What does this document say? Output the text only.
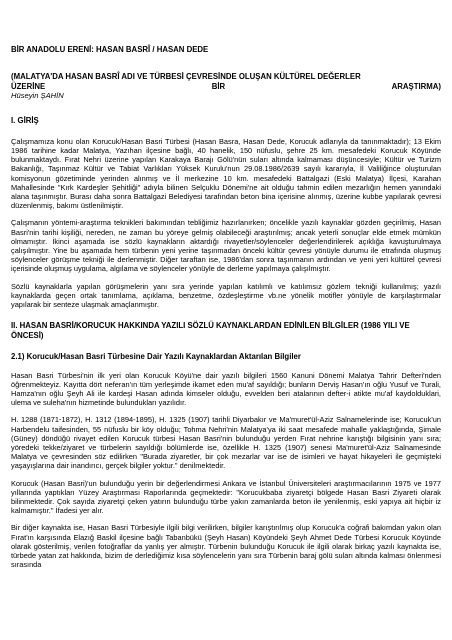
BİR ANADOLU ERENİ: HASAN BASRÎ / HASAN DEDE

(MALATYA'DA HASAN BASRÎ ADI VE TÜRBESİ ÇEVRESİNDE OLUŞAN KÜLTÜREL DEĞERLER

ÜZERİNE	BİR	ARAŞTIRMA)

Hüseyin ŞAHİN

I. GİRİŞ

Çalışmamıza konu olan Korucuk/Hasan Basri Türbesi (Hasan Basra, Hasan Dede, Korucuk adlarıyla da tanınmaktadır); 13 Ekim 1986 tarihine kadar Malatya, Yazıhan ilçesine bağlı, 40 hanelik, 150 nüfuslu, şehre 25 km. mesafedeki Korucuk Köyünde bulunmaktaydı. Fırat Nehri üzerine yapılan Karakaya Barajı Gölü'nün suları altında kalmaması düşüncesiyle; Kültür ve Turizm Bakanlığı, Taşınmaz Kültür ve Tabiat Varlıkları Yüksek Kurulu'nun 29.08.1986/2639 sayılı kararıyla, İl Valiliğince oluşturulan komisyonun gözetiminde yerinden alınmış ve İl merkezine 10 km. mesafedeki Battalgazi (Eski Malatya) İlçesi, Karahan Mahallesinde "Kırk Kardeşler Şehitliği" adıyla bilinen Selçuklu Dönemi'ne ait olduğu tahmin edilen mezarlığın hemen yanındaki alana taşınmıştır. Burası daha sonra Battalgazi Belediyesi tarafından beton bina içerisine alınmış, üzerine kubbe yapılarak çevresi düzenlenmiş, bakımı üstlenilmiştir.

Çalışmanın yöntemi-araştırma teknikleri bakımından tebliğimiz hazırlanırken; öncelikle yazılı kaynaklar gözden geçirilmiş, Hasan Basri'nin tarihi kişiliği, nereden, ne zaman bu yöreye gelmiş olabileceği araştırılmış; ancak yeterli sonuçlar elde etmek mümkün olmamıştır. İkinci aşamada ise sözlü kaynakların aktardığı rivayetler/söylenceler değerlendirilerek açıklığa kavuşturulmaya çalışılmıştır. Yine bu aşamada hem türbenin yeni yerine taşınmadan önceki kültür çevresi yönüyle durumu ile etrafında oluşmuş söylenceler görüşme tekniği ile derlenmiştir. Diğer taraftan ise, 1986'dan sonra taşınmanın ardından ve yeni yeri kültürel çevresi içerisinde oluşmuş uygulama, algılama ve söylenceler yönüyle de derleme yapılmaya çalışılmıştır.

Sözlü kaynaklarla yapılan görüşmelerin yanı sıra yerinde yapılan katılımlı ve katılımsız gözlem tekniği kullanılmış; yazılı kaynaklarda geçen ortak tanımlama, açıklama, benzetme, özdeşleştirme vb.ne yönelik motifler yönüyle de karşılaştırmalar yapılarak bir senteze ulaşmak amaçlanmıştır.

II. HASAN BASRİ/KORUCUK HAKKINDA YAZILI SÖZLÜ KAYNAKLARDAN EDİNİLEN BİLGİLER (1986 YILI VE ÖNCESİ)

2.1) Korucuk/Hasan Basri Türbesine Dair Yazılı Kaynaklardan Aktarılan Bilgiler

Hasan Basri Türbesi'nin ilk yeri olan Korucuk Köyü'ne dair yazılı bilgileri 1560 Kanuni Dönemi Malatya Tahrir Defteri'nden öğrenmekteyiz. Kayıtta dört neferan'ın tüm yerleşimde ikamet eden mu'af sayıldığı; bunların Derviş Hasan'ın oğlu Yusuf ve Turali, Hamza'nın oğlu Şeyh Ali ile kardeşi Hasan adında kimseler olduğu, evvelden beri atalarının defter-i atikte mu'af kaydolduklari, ulema ve suleha'nın hizmetinde bulundukları yazılıdır.

H. 1288 (1871-1872), H. 1312 (1894-1895), H. 1325 (1907) tarihli Diyarbakır ve Ma'muret'ül-Aziz Salnamelerinde ise; Korucuk'un Harbendelu taifesinden, 55 nüfuslu bir köy olduğu; Tohma Nehri'nin Malatya'ya iki saat mesafede mahalle yaklaştığında, Şimale (Güney) döndüğü rivayet edilen Korucuk türbesi Hasan Basri'nin bulunduğu yerden Fırat nehrine karıştığı bilgisinin yanı sıra; yöredeki tekke/ziyaret ve türbelerin sayıldığı bölümlerde ise, özellikle H. 1325 (1907) senesi Ma'muret'ül-Aziz Salnamesinde Malatya ve çevresinden söz edilirken "Burada ziyaretler, bir çok mezarlar var ise de isimleri ve hayat hikayeleri ile geçmişteki yaşayışlarına dair inandırıcı, gerçek bilgiler yoktur." denilmektedir.

Korucuk (Hasan Basri)'un bulunduğu yerin bir değerlendirmesi Ankara ve İstanbul Üniversiteleri araştırmacılarının 1975 ve 1977 yıllarında yaptıkları Yüzey Araştırması Raporlarında geçmektedir: "Korucukbaba ziyaretçi bölgede Hasan Basri Ziyareti olarak bilinmektedir. Çok sayıda ziyaretçi çeken yatırın bulunduğu türbe yakın zamanlarda beton ile yenilenmiş, eski yapıya ait hiçbir iz kalmamıştır." İfadesi yer alır.

Bir diğer kaynakta ise, Hasan Basri Türbesiyle ilgili bilgi verilirken, bilgiler karıştırılmış olup Korucuk'a coğrafi bakımdan yakın olan Fırat'ın karşısında Elazığ Baskil ilçesine bağlı Tabanbükü (Şeyh Hasan) Köyündeki Şeyh Ahmet Dede Türbesi Korucuk Köyünde olarak gösterilmiş, verilen fotoğraflar da yanlış yer almıştır. Türbenin bulunduğu Korucuk ile ilgili olarak birkaç yazılı kaynakta ise, türbede yatan zat hakkında, bizim de derlediğimiz kısa söylencelerin yanı sıra Türbenin baraj gölü suları altında kalması önlenmesi sırasında
